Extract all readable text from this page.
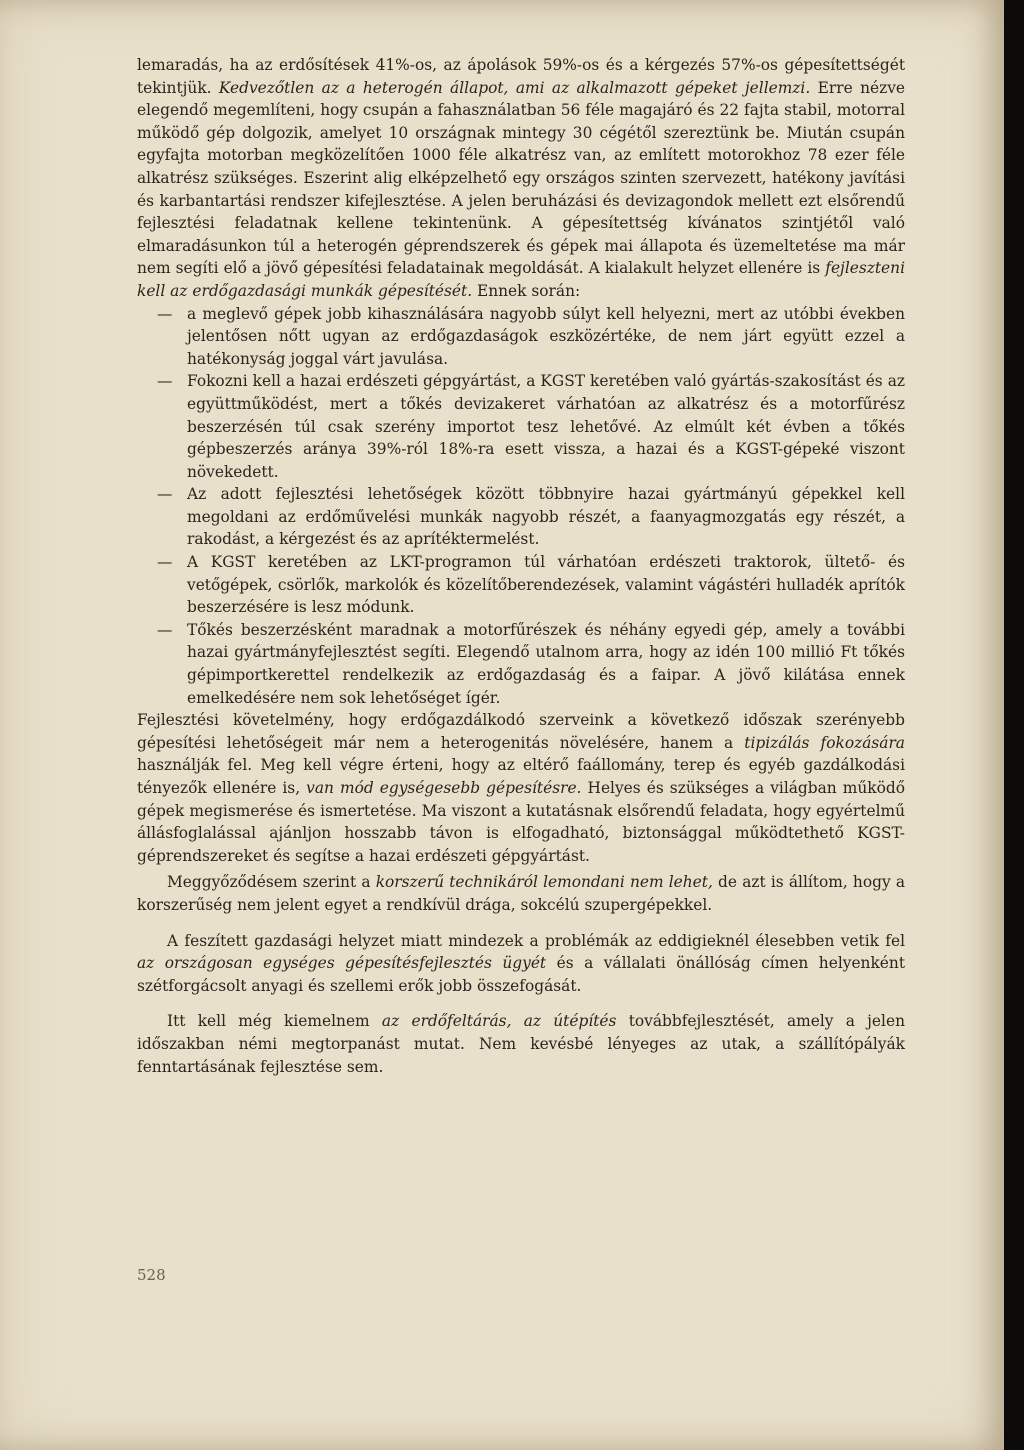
lemaradás, ha az erdősítések 41%-os, az ápolások 59%-os és a kérgezés 57%-os gépesítettségét tekintjük. Kedvezőtlen az a heterogén állapot, ami az alkalmazott gépeket jellemzi. Erre nézve elegendő megemlíteni, hogy csupán a fahasználatban 56 féle magajáró és 22 fajta stabil, motorral működő gép dolgozik, amelyet 10 országnak mintegy 30 cégétől szereztünk be. Miután csupán egyfajta motorban megközelítően 1000 féle alkatrész van, az említett motorokhoz 78 ezer féle alkatrész szükséges. Eszerint alig elképzelhető egy országos szinten szervezett, hatékony javítási és karbantartási rendszer kifejlesztése. A jelen beruházási és devizagondok mellett ezt elsőrendű fejlesztési feladatnak kellene tekintenünk. A gépesítettség kívánatos szintjétől való elmaradásunkon túl a heterogén géprendszerek és gépek mai állapota és üzemeltetése ma már nem segíti elő a jövő gépesítési feladatainak megoldását. A kialakult helyzet ellenére is fejleszteni kell az erdőgazdasági munkák gépesítését. Ennek során:

— a meglevő gépek jobb kihasználására nagyobb súlyt kell helyezni, mert az utóbbi években jelentősen nőtt ugyan az erdőgazdaságok eszközértéke, de nem járt együtt ezzel a hatékonyság joggal várt javulása.
— Fokozni kell a hazai erdészeti gépgyártást, a KGST keretében való gyártás-szakosítást és az együttműködést, mert a tőkés devizakeret várhatóan az alkatrész és a motorfűrész beszerzésén túl csak szerény importot tesz lehetővé. Az elmúlt két évben a tőkés gépbeszerzés aránya 39%-ról 18%-ra esett vissza, a hazai és a KGST-gépeké viszont növekedett.
— Az adott fejlesztési lehetőségek között többnyire hazai gyártmányú gépekkel kell megoldani az erdőművelési munkák nagyobb részét, a faanyagmozgatás egy részét, a rakodást, a kérgezést és az aprítéktermelést.
— A KGST keretében az LKT-programon túl várhatóan erdészeti traktorok, ültető- és vetőgépek, csörlők, markolók és közelítőberendezések, valamint vágástéri hulladék aprítók beszerzésére is lesz módunk.
— Tőkés beszerzésként maradnak a motorfűrészek és néhány egyedi gép, amely a további hazai gyártmányfejlesztést segíti. Elegendő utalnom arra, hogy az idén 100 millió Ft tőkés gépimportkerettel rendelkezik az erdőgazdaság és a faipar. A jövő kilátása ennek emelkedésére nem sok lehetőséget ígér.

Fejlesztési követelmény, hogy erdőgazdálkodó szerveink a következő időszak szerényebb gépesítési lehetőségeit már nem a heterogenitás növelésére, hanem a tipizálás fokozására használják fel. Meg kell végre érteni, hogy az eltérő faállomány, terep és egyéb gazdálkodási tényezők ellenére is, van mód egységesebb gépesítésre. Helyes és szükséges a világban működő gépek megismerése és ismertetése. Ma viszont a kutatásnak elsőrendű feladata, hogy egyértelmű állásfoglalással ajánljon hosszabb távon is elfogadható, biztonsággal működtethető KGST-géprendszereket és segítse a hazai erdészeti gépgyártást.

Meggyőződésem szerint a korszerű technikáról lemondani nem lehet, de azt is állítom, hogy a korszerűség nem jelent egyet a rendkívül drága, sokcélú szupergépekkel.

A feszített gazdasági helyzet miatt mindezek a problémák az eddigieknél élesebben vetik fel az országosan egységes gépesítésfejlesztés ügyét és a vállalati önállóság címen helyenként szétforgácsolt anyagi és szellemi erők jobb összefogását.

Itt kell még kiemelnem az erdőfeltárás, az útépítés továbbfejlesztését, amely a jelen időszakban némi megtorpanást mutat. Nem kevésbé lényeges az utak, a szállítópályák fenntartásának fejlesztése sem.

528
